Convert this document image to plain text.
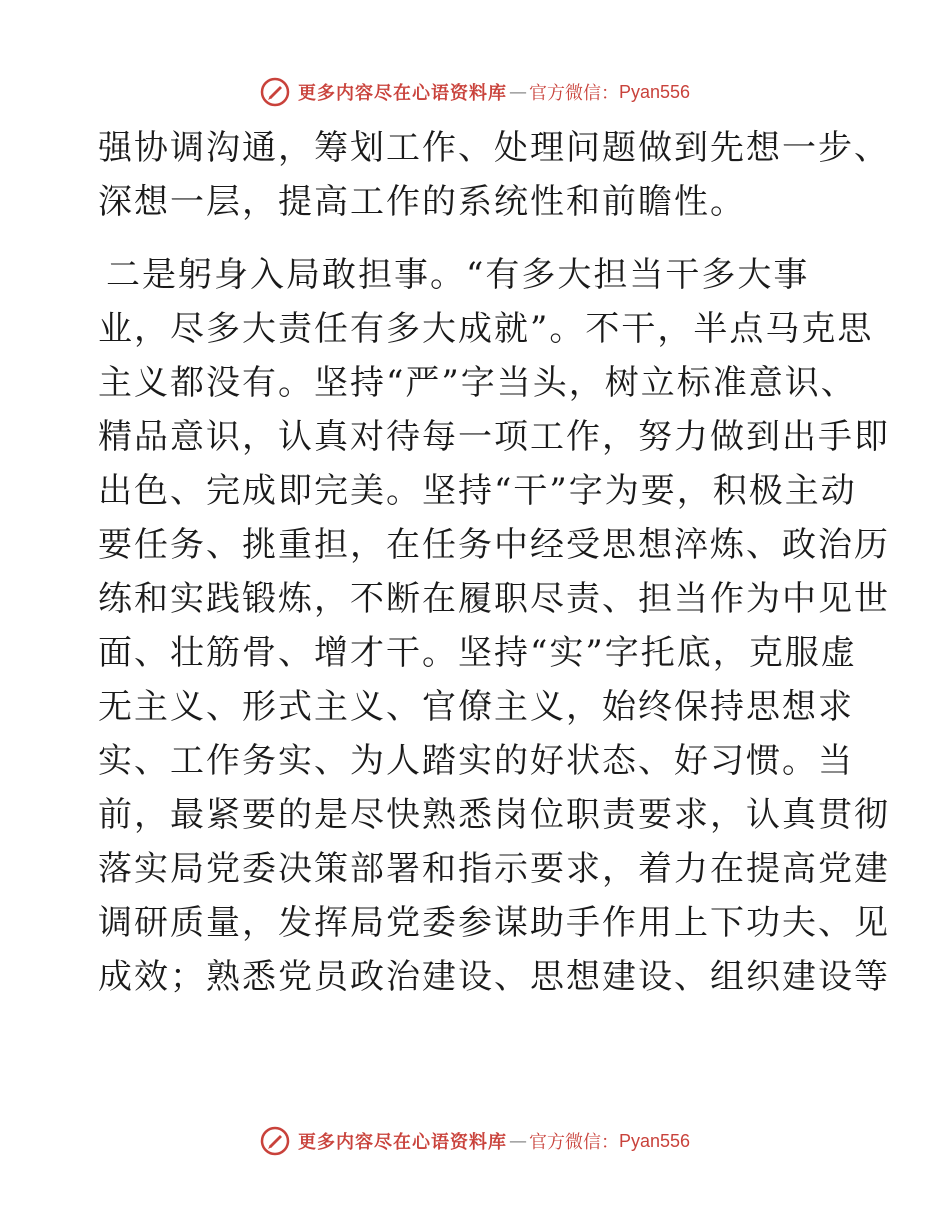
更多内容尽在心语资料库 — 官方微信： Pyan556
强协调沟通，筹划工作、处理问题做到先想一步、
深想一层，提高工作的系统性和前瞻性。
二是躬身入局敢担事。“有多大担当干多大事
业，尽多大责任有多大成就”。不干，半点马克思
主义都没有。坚持“严”字当头，树立标准意识、
精品意识，认真对待每一项工作，努力做到出手即
出色、完成即完美。坚持“干”字为要，积极主动
要任务、挑重担，在任务中经受思想淬炼、政治历
练和实践锻炼，不断在履职尽责、担当作为中见世
面、壮筋骨、增才干。坚持“实”字托底，克服虚
无主义、形式主义、官僚主义，始终保持思想求
实、工作务实、为人踏实的好状态、好习惯。当
前，最紧要的是尽快熟悉岗位职责要求，认真贯彻
落实局党委决策部署和指示要求，着力在提高党建
调研质量，发挥局党委参谋助手作用上下功夫、见
成效；熟悉党员政治建设、思想建设、组织建设等
更多内容尽在心语资料库 — 官方微信： Pyan556
